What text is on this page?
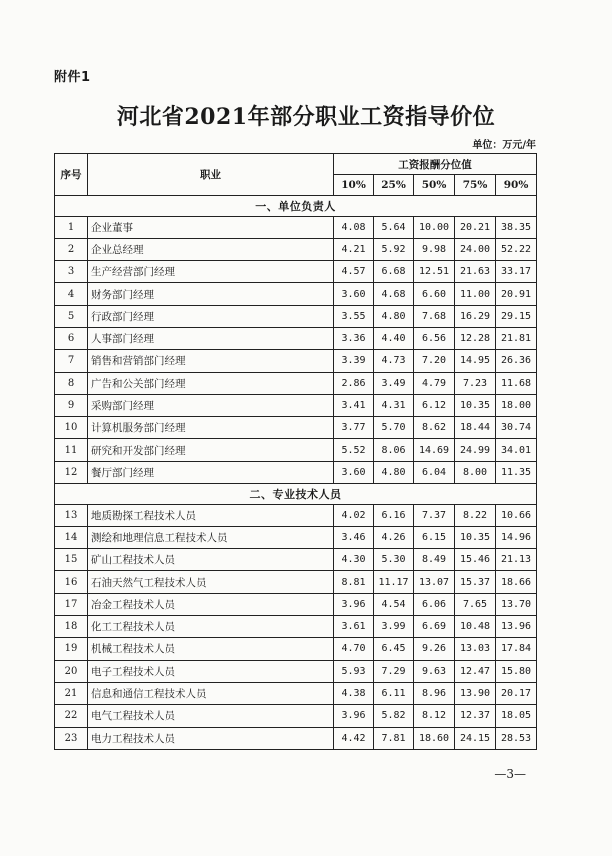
附件1
河北省2021年部分职业工资指导价位
单位：万元/年
序号	职业	工资报酬分位值				
		10%	25%	50%	75%	90%
一、单位负责人						
1	企业董事	4.08	5.64	10.00	20.21	38.35
2	企业总经理	4.21	5.92	9.98	24.00	52.22
3	生产经营部门经理	4.57	6.68	12.51	21.63	33.17
4	财务部门经理	3.60	4.68	6.60	11.00	20.91
5	行政部门经理	3.55	4.80	7.68	16.29	29.15
6	人事部门经理	3.36	4.40	6.56	12.28	21.81
7	销售和营销部门经理	3.39	4.73	7.20	14.95	26.36
8	广告和公关部门经理	2.86	3.49	4.79	7.23	11.68
9	采购部门经理	3.41	4.31	6.12	10.35	18.00
10	计算机服务部门经理	3.77	5.70	8.62	18.44	30.74
11	研究和开发部门经理	5.52	8.06	14.69	24.99	34.01
12	餐厅部门经理	3.60	4.80	6.04	8.00	11.35
二、专业技术人员						
13	地质勘探工程技术人员	4.02	6.16	7.37	8.22	10.66
14	测绘和地理信息工程技术人员	3.46	4.26	6.15	10.35	14.96
15	矿山工程技术人员	4.30	5.30	8.49	15.46	21.13
16	石油天然气工程技术人员	8.81	11.17	13.07	15.37	18.66
17	冶金工程技术人员	3.96	4.54	6.06	7.65	13.70
18	化工工程技术人员	3.61	3.99	6.69	10.48	13.96
19	机械工程技术人员	4.70	6.45	9.26	13.03	17.84
20	电子工程技术人员	5.93	7.29	9.63	12.47	15.80
21	信息和通信工程技术人员	4.38	6.11	8.96	13.90	20.17
22	电气工程技术人员	3.96	5.82	8.12	12.37	18.05
23	电力工程技术人员	4.42	7.81	18.60	24.15	28.53
—3—
